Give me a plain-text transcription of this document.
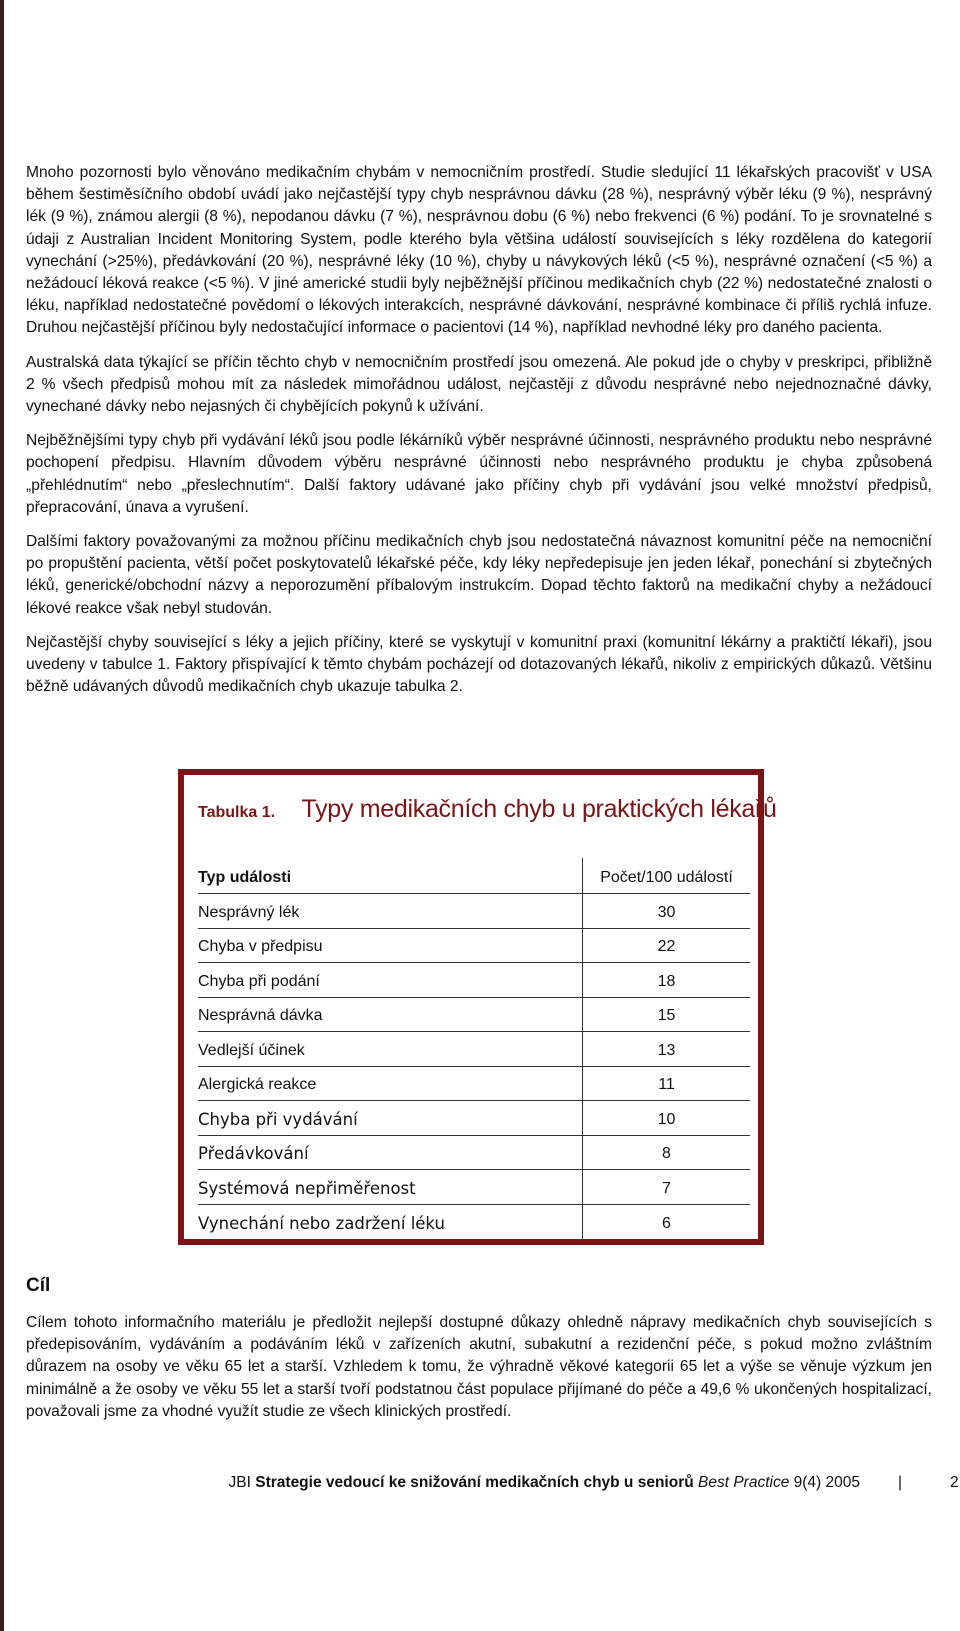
Mnoho pozornosti bylo věnováno medikačním chybám v nemocničním prostředí. Studie sledující 11 lékařských pracovišť v USA během šestiměsíčního období uvádí jako nejčastější typy chyb nesprávnou dávku (28 %), nesprávný výběr léku (9 %), nesprávný lék (9 %), známou alergii (8 %), nepodanou dávku (7 %), nesprávnou dobu (6 %) nebo frekvenci (6 %) podání. To je srovnatelné s údaji z Australian Incident Monitoring System, podle kterého byla většina událostí souvisejících s léky rozdělena do kategorií vynechání (>25%), předávkování (20 %), nesprávné léky (10 %), chyby u návykových léků (<5 %), nesprávné označení (<5 %) a nežádoucí léková reakce (<5 %). V jiné americké studii byly nejběžnější příčinou medikačních chyb (22 %) nedostatečné znalosti o léku, například nedostatečné povědomí o lékových interakcích, nesprávné dávkování, nesprávné kombinace či příliš rychlá infuze. Druhou nejčastější příčinou byly nedostačující informace o pacientovi (14 %), například nevhodné léky pro daného pacienta.

Australská data týkající se příčin těchto chyb v nemocničním prostředí jsou omezená. Ale pokud jde o chyby v preskripci, přibližně 2 % všech předpisů mohou mít za následek mimořádnou událost, nejčastěji z důvodu nesprávné nebo nejednoznačné dávky, vynechané dávky nebo nejasných či chybějících pokynů k užívání.

Nejběžnějšími typy chyb při vydávání léků jsou podle lékárníků výběr nesprávné účinnosti, nesprávného produktu nebo nesprávné pochopení předpisu. Hlavním důvodem výběru nesprávné účinnosti nebo nesprávného produktu je chyba způsobená „přehlédnutím“ nebo „přeslechnutím“. Další faktory udávané jako příčiny chyb při vydávání jsou velké množství předpisů, přepracování, únava a vyrušení.

Dalšími faktory považovanými za možnou příčinu medikačních chyb jsou nedostatečná návaznost komunitní péče na nemocniční po propuštění pacienta, větší počet poskytovatelů lékařské péče, kdy léky nepředepisuje jen jeden lékař, ponechání si zbytečných léků, generické/obchodní názvy a neporozumění příbalovým instrukcím. Dopad těchto faktorů na medikační chyby a nežádoucí lékové reakce však nebyl studován.

Nejčastější chyby související s léky a jejich příčiny, které se vyskytují v komunitní praxi (komunitní lékárny a praktičtí lékaři), jsou uvedeny v tabulce 1. Faktory přispívající k těmto chybám pocházejí od dotazovaných lékařů, nikoliv z empirických důkazů. Většinu běžně udávaných důvodů medikačních chyb ukazuje tabulka 2.

Tabulka 1. Typy medikačních chyb u praktických lékařů
Typ události	Počet/100 událostí
Nesprávný lék	30
Chyba v předpisu	22
Chyba při podání	18
Nesprávná dávka	15
Vedlejší účinek	13
Alergická reakce	11
Chyba při vydávání	10
Předávkování	8
Systémová nepřiměřenost	7
Vynechání nebo zadržení léku	6
Cíl

Cílem tohoto informačního materiálu je předložit nejlepší dostupné důkazy ohledně nápravy medikačních chyb souvisejících s předepisováním, vydáváním a podáváním léků v zařízeních akutní, subakutní a rezidenční péče, s pokud možno zvláštním důrazem na osoby ve věku 65 let a starší. Vzhledem k tomu, že výhradně věkové kategorii 65 let a výše se věnuje výzkum jen minimálně a že osoby ve věku 55 let a starší tvoří podstatnou část populace přijímané do péče a 49,6 % ukončených hospitalizací, považovali jsme za vhodné využít studie ze všech klinických prostředí.

JBI Strategie vedoucí ke snižování medikačních chyb u seniorů Best Practice 9(4) 2005 |	2
